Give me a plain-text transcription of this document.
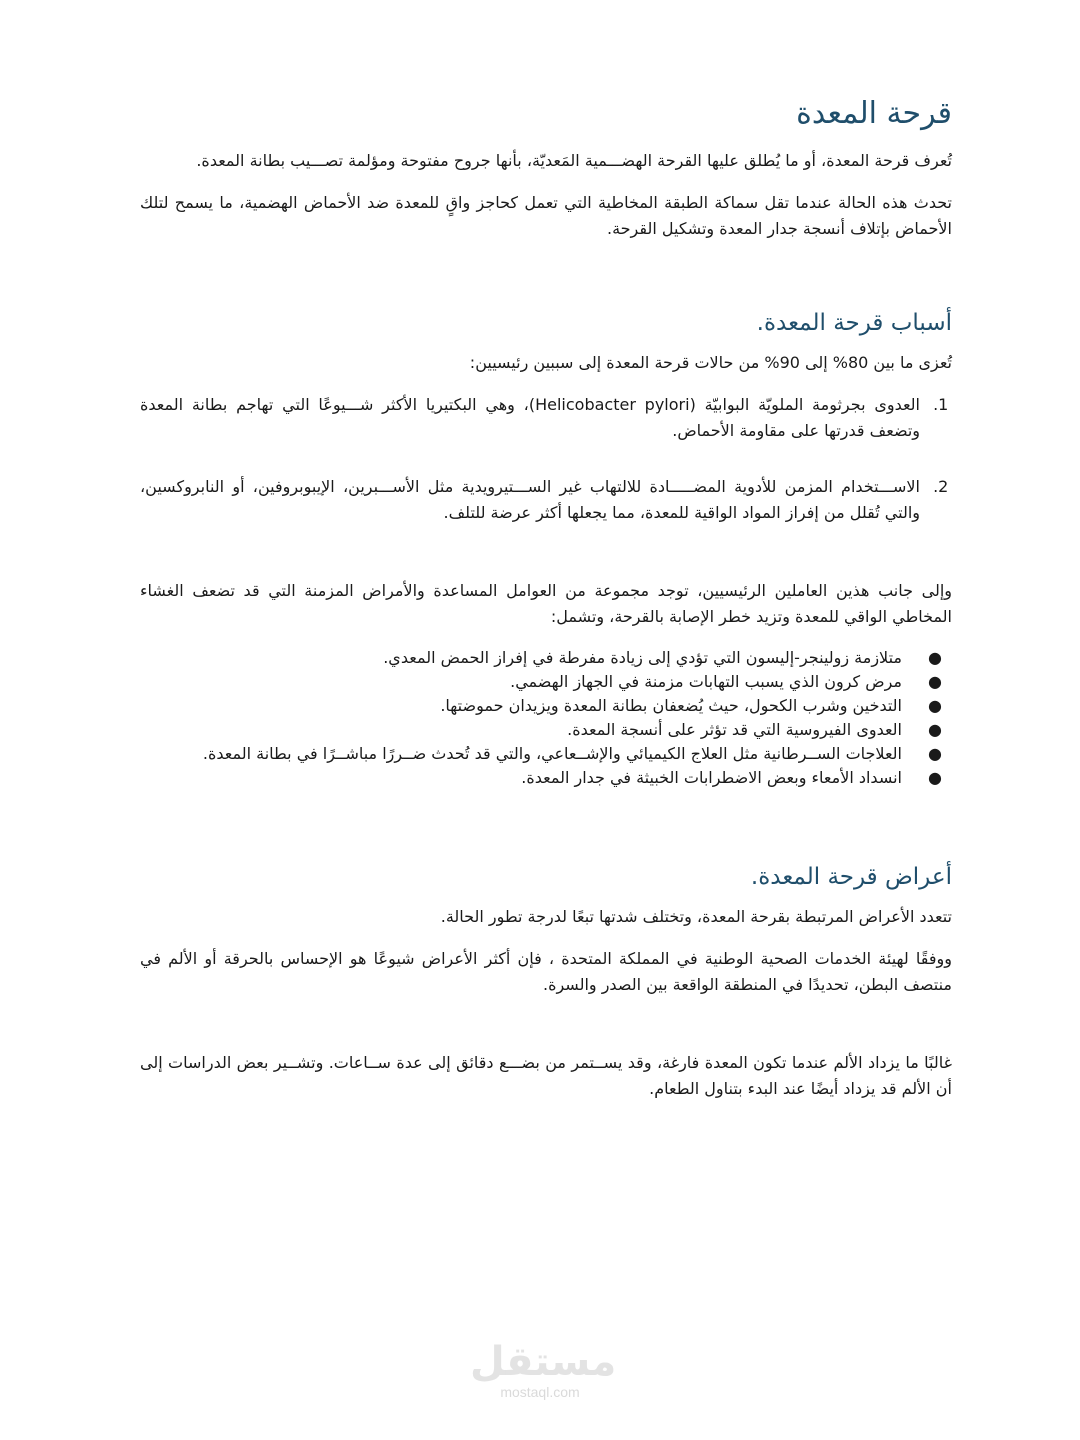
قرحة المعدة

تُعرف قرحة المعدة، أو ما يُطلق عليها القرحة الهضـــمية المَعديّة، بأنها جروح مفتوحة ومؤلمة تصـــيب بطانة المعدة.

تحدث هذه الحالة عندما تقل سماكة الطبقة المخاطية التي تعمل كحاجز واقٍ للمعدة ضد الأحماض الهضمية، ما يسمح لتلك الأحماض بإتلاف أنسجة جدار المعدة وتشكيل القرحة.

أسباب قرحة المعدة.

تُعزى ما بين 80% إلى 90% من حالات قرحة المعدة إلى سببين رئيسيين:

1. العدوى بجرثومة الملويّة البوابيّة (Helicobacter pylori)، وهي البكتيريا الأكثر شـــيوعًا التي تهاجم بطانة المعدة وتضعف قدرتها على مقاومة الأحماض.
2. الاســـتخدام المزمن للأدوية المضـــــادة للالتهاب غير الســـتيرويدية مثل الأســـبرين، الإيبوبروفين، أو النابروكسين، والتي تُقلل من إفراز المواد الواقية للمعدة، مما يجعلها أكثر عرضة للتلف.

وإلى جانب هذين العاملين الرئيسيين، توجد مجموعة من العوامل المساعدة والأمراض المزمنة التي قد تضعف الغشاء المخاطي الواقي للمعدة وتزيد خطر الإصابة بالقرحة، وتشمل:

●
متلازمة زولينجر-إليسون التي تؤدي إلى زيادة مفرطة في إفراز الحمض المعدي.
●
مرض كرون الذي يسبب التهابات مزمنة في الجهاز الهضمي.
●
التدخين وشرب الكحول، حيث يُضعفان بطانة المعدة ويزيدان حموضتها.
●
العدوى الفيروسية التي قد تؤثر على أنسجة المعدة.
●
العلاجات الســرطانية مثل العلاج الكيميائي والإشــعاعي، والتي قد تُحدث ضــررًا مباشــرًا في بطانة المعدة.
●
انسداد الأمعاء وبعض الاضطرابات الخبيثة في جدار المعدة.
أعراض قرحة المعدة.

تتعدد الأعراض المرتبطة بقرحة المعدة، وتختلف شدتها تبعًا لدرجة تطور الحالة.

ووفقًا لهيئة الخدمات الصحية الوطنية في المملكة المتحدة ، فإن أكثر الأعراض شيوعًا هو الإحساس بالحرقة أو الألم في منتصف البطن، تحديدًا في المنطقة الواقعة بين الصدر والسرة.

غالبًا ما يزداد الألم عندما تكون المعدة فارغة، وقد يســتمر من بضـــع دقائق إلى عدة ســاعات. وتشــير بعض الدراسات إلى أن الألم قد يزداد أيضًا عند البدء بتناول الطعام.

مستقل
mostaql.com
